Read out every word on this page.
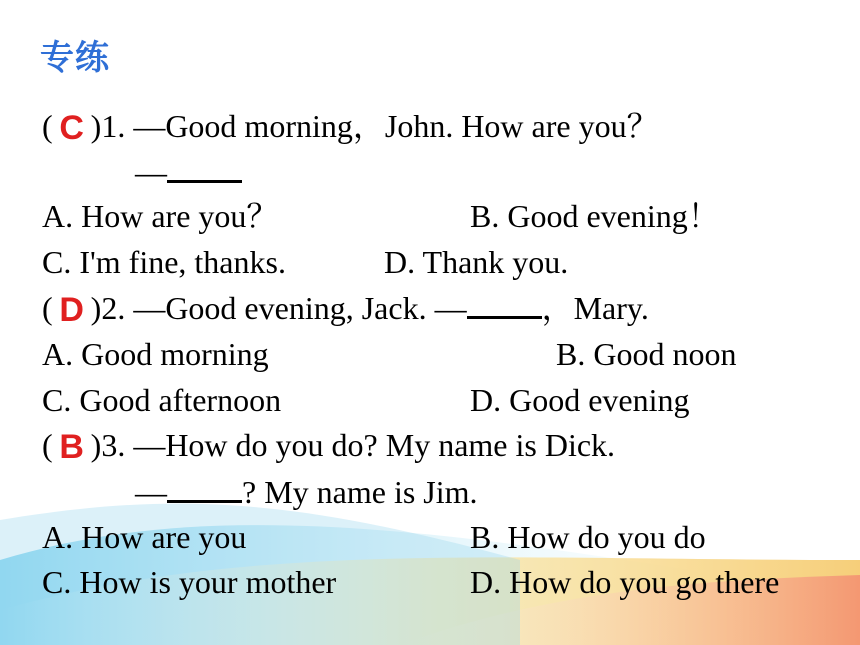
专练
( C )1. —Good morning，John. How are you？
—
A. How are you？	B. Good evening！
C. I'm fine, thanks.	D. Thank you.
( D )2. —Good evening, Jack. — ，Mary.
A. Good morning	B. Good noon
C. Good afternoon	D. Good evening
( B )3. —How do you do? My name is Dick.
— ? My name is Jim.
A. How are you	B. How do you do
C. How is your mother	D. How do you go there
